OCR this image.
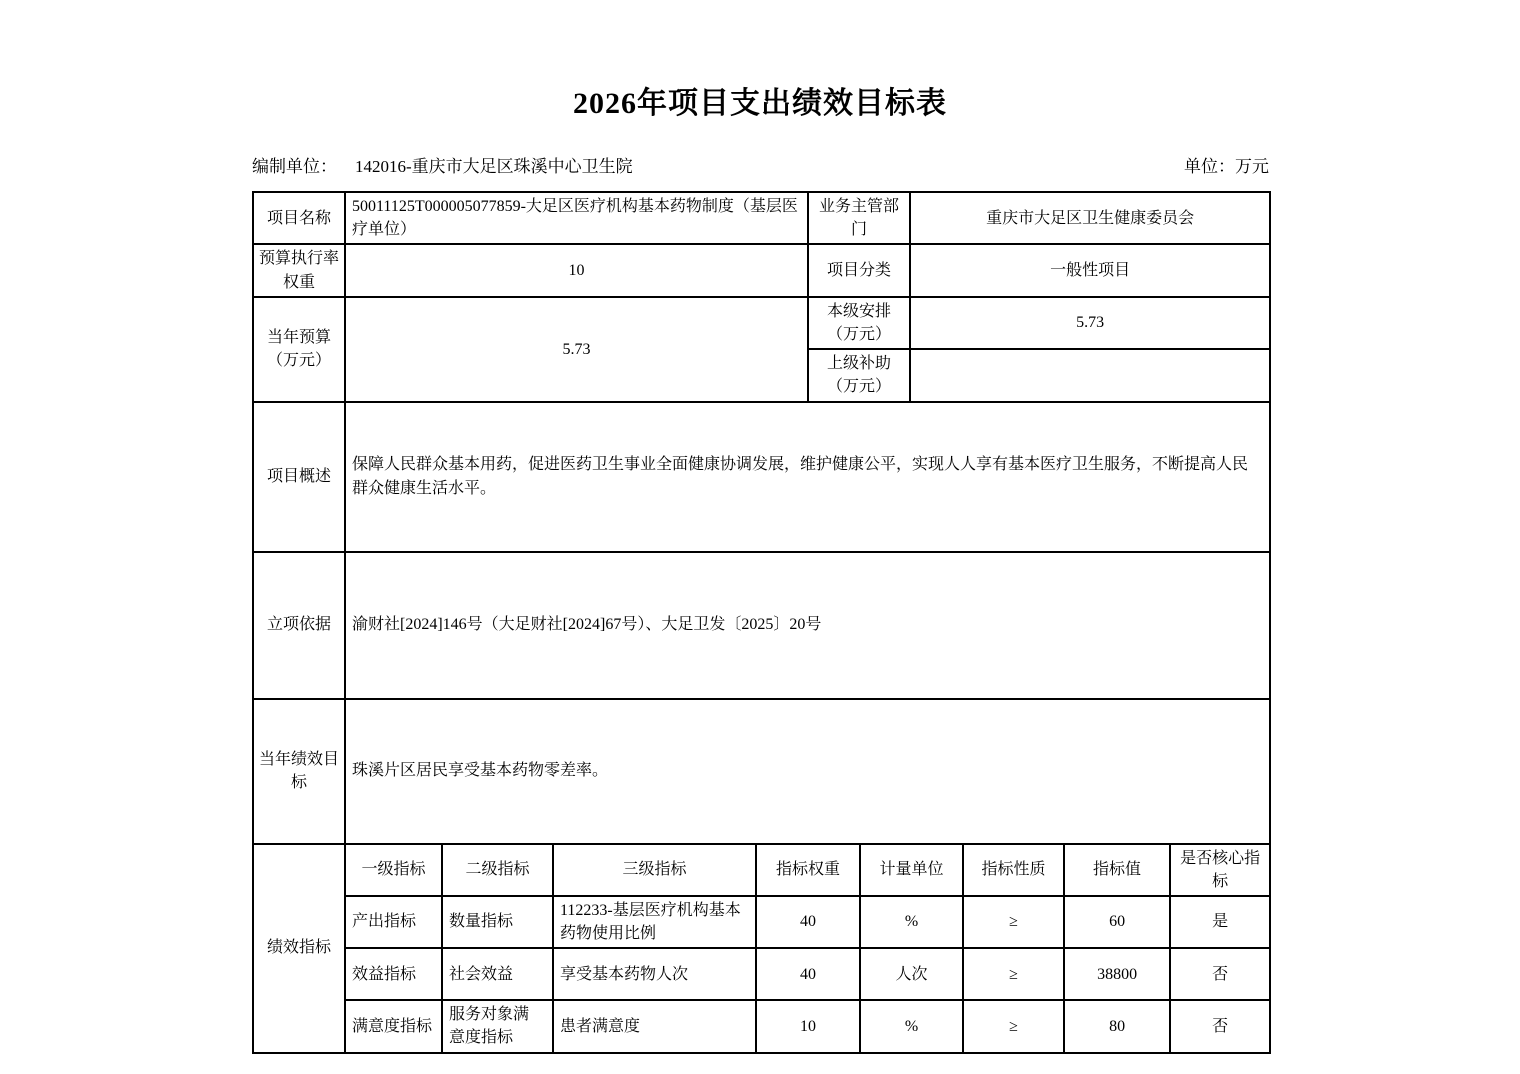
2026年项目支出绩效目标表
编制单位： 142016-重庆市大足区珠溪中心卫生院	单位：万元
项目名称	50011125T000005077859-大足区医疗机构基本药物制度（基层医疗单位）				业务主管部门		重庆市大足区卫生健康委员会			
预算执行率权重	10				项目分类		一般性项目			
当年预算（万元）	5.73				本级安排（万元）		5.73			
					上级补助（万元）					
项目概述	保障人民群众基本用药，促进医药卫生事业全面健康协调发展，维护健康公平，实现人人享有基本医疗卫生服务，不断提高人民群众健康生活水平。									
立项依据	渝财社[2024]146号（大足财社[2024]67号）、大足卫发〔2025〕20号									
当年绩效目标	珠溪片区居民享受基本药物零差率。									
绩效指标	一级指标	二级指标	三级指标	指标权重		计量单位		指标性质	指标值	是否核心指标
	产出指标	数量指标	112233-基层医疗机构基本药物使用比例	40		%		≥	60	是
	效益指标	社会效益	享受基本药物人次	40		人次		≥	38800	否
	满意度指标	服务对象满意度指标	患者满意度	10		%		≥	80	否
